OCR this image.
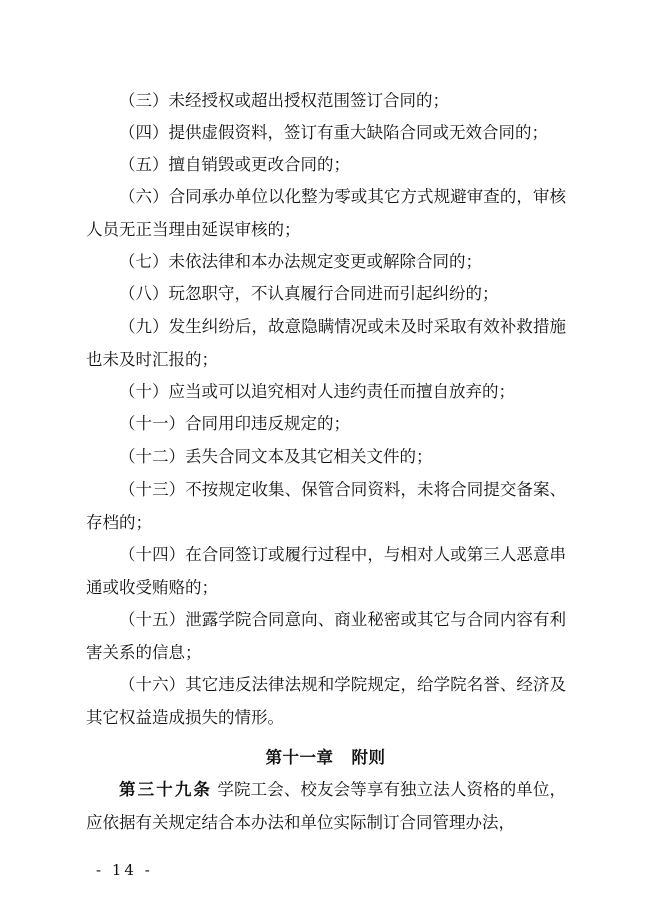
（三）未经授权或超出授权范围签订合同的；
（四）提供虚假资料，签订有重大缺陷合同或无效合同的；
（五）擅自销毁或更改合同的；
（六）合同承办单位以化整为零或其它方式规避审查的，审核人员无正当理由延误审核的；
（七）未依法律和本办法规定变更或解除合同的；
（八）玩忽职守，不认真履行合同进而引起纠纷的；
（九）发生纠纷后，故意隐瞒情况或未及时采取有效补救措施也未及时汇报的；
（十）应当或可以追究相对人违约责任而擅自放弃的；
（十一）合同用印违反规定的；
（十二）丢失合同文本及其它相关文件的；
（十三）不按规定收集、保管合同资料，未将合同提交备案、存档的；
（十四）在合同签订或履行过程中，与相对人或第三人恶意串通或收受贿赂的；
（十五）泄露学院合同意向、商业秘密或其它与合同内容有利害关系的信息；
（十六）其它违反法律法规和学院规定，给学院名誉、经济及其它权益造成损失的情形。
第十一章 附则
第三十九条 学院工会、校友会等享有独立法人资格的单位，应依据有关规定结合本办法和单位实际制订合同管理办法，
- 14 -
